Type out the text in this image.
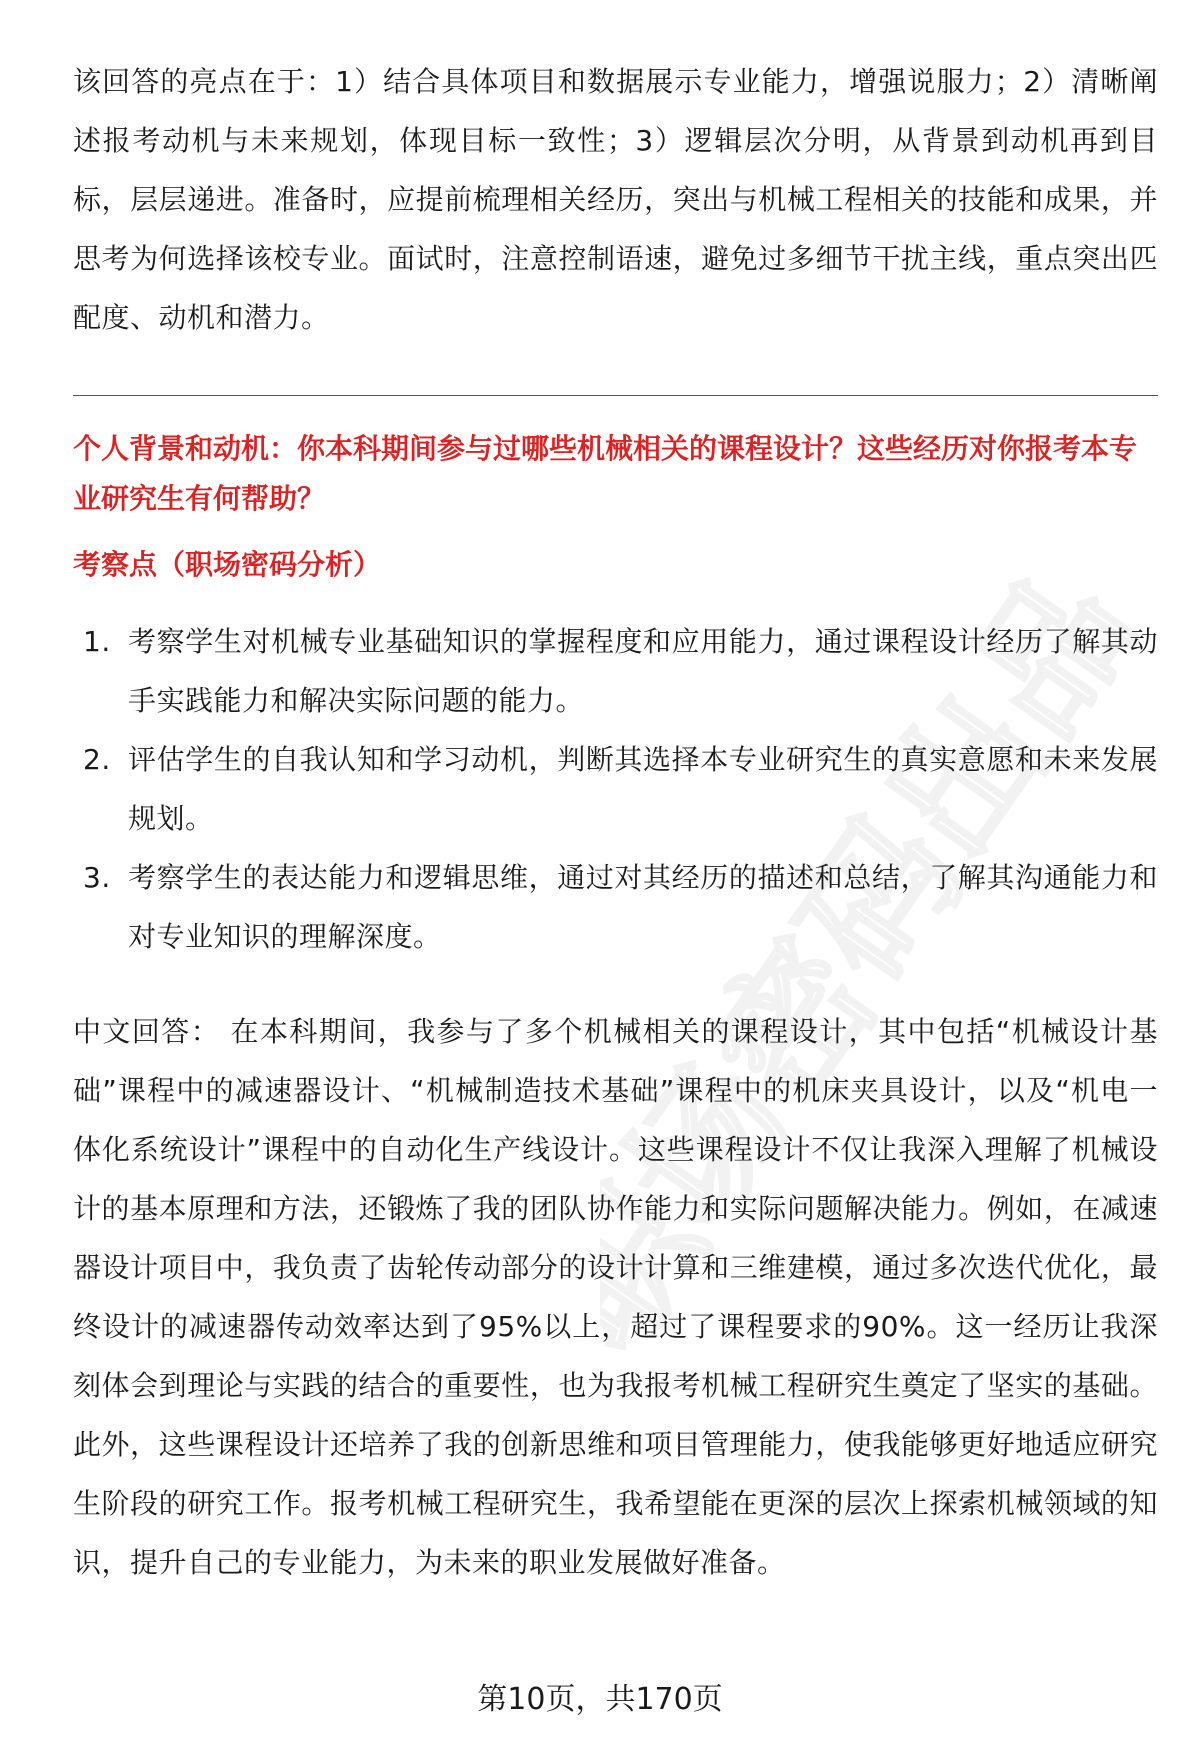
职场密码出品

该回答的亮点在于：1）结合具体项目和数据展示专业能力，增强说服力；2）清晰阐述报考动机与未来规划，体现目标一致性；3）逻辑层次分明，从背景到动机再到目标，层层递进。准备时，应提前梳理相关经历，突出与机械工程相关的技能和成果，并思考为何选择该校专业。面试时，注意控制语速，避免过多细节干扰主线，重点突出匹配度、动机和潜力。

个人背景和动机：你本科期间参与过哪些机械相关的课程设计？这些经历对你报考本专业研究生有何帮助？

考察点（职场密码分析）

1. 考察学生对机械专业基础知识的掌握程度和应用能力，通过课程设计经历了解其动手实践能力和解决实际问题的能力。
2. 评估学生的自我认知和学习动机，判断其选择本专业研究生的真实意愿和未来发展规划。
3. 考察学生的表达能力和逻辑思维，通过对其经历的描述和总结，了解其沟通能力和对专业知识的理解深度。

中文回答： 在本科期间，我参与了多个机械相关的课程设计，其中包括“机械设计基础”课程中的减速器设计、“机械制造技术基础”课程中的机床夹具设计，以及“机电一体化系统设计”课程中的自动化生产线设计。这些课程设计不仅让我深入理解了机械设计的基本原理和方法，还锻炼了我的团队协作能力和实际问题解决能力。例如，在减速器设计项目中，我负责了齿轮传动部分的设计计算和三维建模，通过多次迭代优化，最终设计的减速器传动效率达到了95%以上，超过了课程要求的90%。这一经历让我深刻体会到理论与实践的结合的重要性，也为我报考机械工程研究生奠定了坚实的基础。此外，这些课程设计还培养了我的创新思维和项目管理能力，使我能够更好地适应研究生阶段的研究工作。报考机械工程研究生，我希望能在更深的层次上探索机械领域的知识，提升自己的专业能力，为未来的职业发展做好准备。

第10页，共170页
